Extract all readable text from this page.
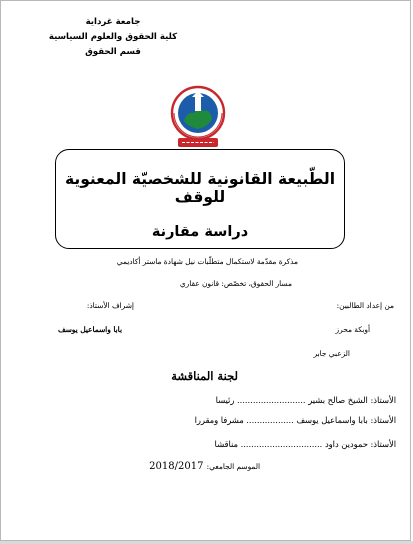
جامعة غرداية
كلية الحقوق والعلوم السياسية
قسم الحقوق
الطّبيعة القانونية للشخصيّة المعنوية للوقف
دراسة مقارنة
مذكرة مقدّمة لاستكمال متطلّبات نيل شهادة ماستر أكاديمي
مسار الحقوق، تخصّص: قانون عقاري
من إعداد الطالبين:
إشراف الأستاذ:
أوبكة محرز
بابا واسماعيل يوسف
الزعبي جابر
لجنة المناقشة
الأستاذ: الشيخ صالح بشير .......................... رئيسا
الأستاذ: بابا واسماعيل يوسف .................. مشرفا ومقررا
الأستاذ: حمودين داود ............................... مناقشا
الموسم الجامعي: 2018/2017
